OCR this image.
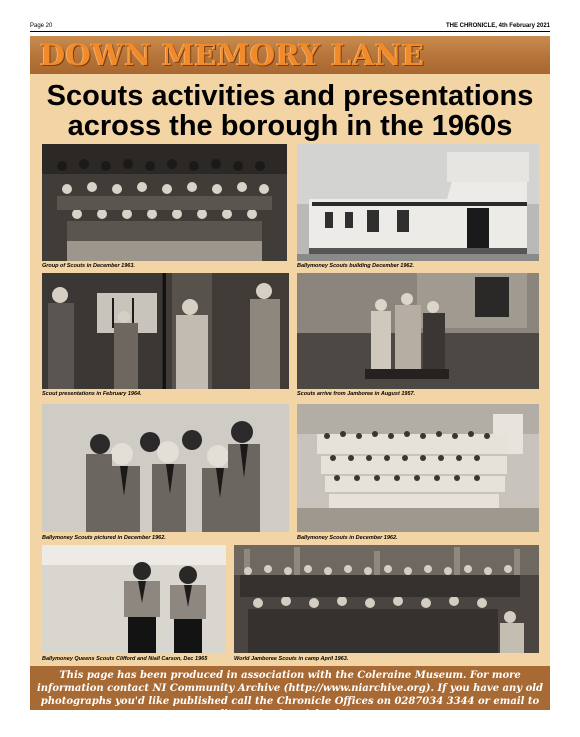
Page 20	THE CHRONICLE, 4th February 2021
DOWN MEMORY LANE
Scouts activities and presentations
across the borough in the 1960s
Group of Scouts in December 1963.	Ballymoney Scouts building December 1962.
Scout presentations in February 1964.	Scouts arrive from Jamboree in August 1957.
Ballymoney Scouts pictured in December 1962.	Ballymoney Scouts in December 1962.
Ballymoney Queens Scouts Clifford and Niall Carson, Dec 1965	World Jamboree Scouts in camp April 1963.
This page has been produced in association with the Coleraine Museum. For more information contact NI Community Archive (http://www.niarchive.org). If you have any old photographs you'd like published call the Chronicle Offices on 0287034 3344 or email to editor@thechronicle.uk.com
